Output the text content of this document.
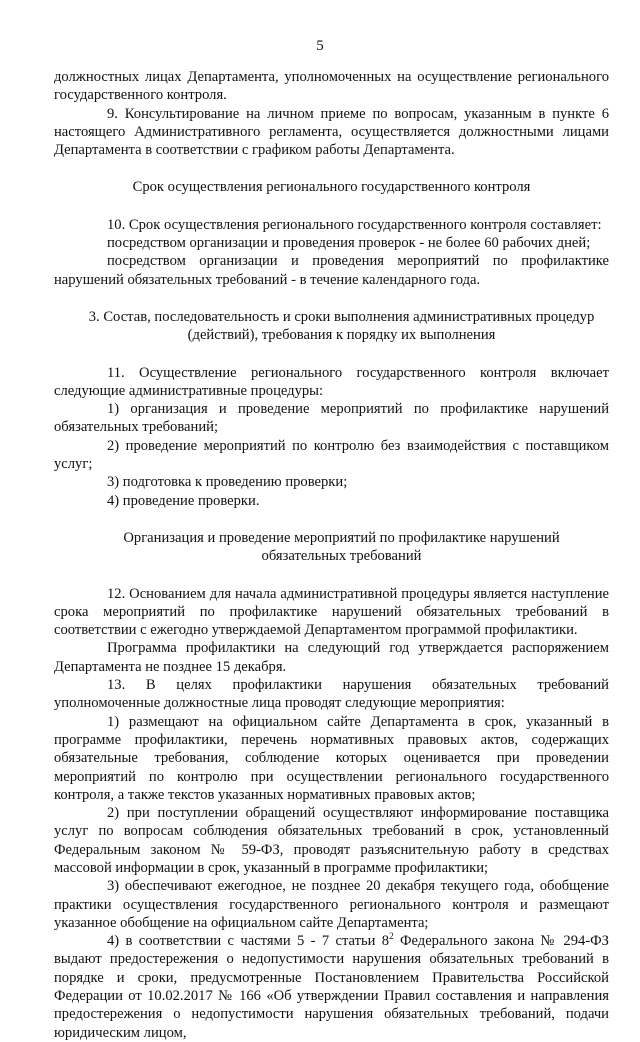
5

должностных лицах Департамента, уполномоченных на осуществление регионального государственного контроля.

9. Консультирование на личном приеме по вопросам, указанным в пункте 6 настоящего Административного регламента, осуществляется должностными лицами Департамента в соответствии с графиком работы Департамента.

Срок осуществления регионального государственного контроля

10. Срок осуществления регионального государственного контроля составляет:

посредством организации и проведения проверок - не более 60 рабочих дней;

посредством организации и проведения мероприятий по профилактике нарушений обязательных требований - в течение календарного года.

3. Состав, последовательность и сроки выполнения административных процедур (действий), требования к порядку их выполнения

11. Осуществление регионального государственного контроля включает следующие административные процедуры:

1) организация и проведение мероприятий по профилактике нарушений обязательных требований;

2) проведение мероприятий по контролю без взаимодействия с поставщиком услуг;

3) подготовка к проведению проверки;

4) проведение проверки.

Организация и проведение мероприятий по профилактике нарушений обязательных требований

12. Основанием для начала административной процедуры является наступление срока мероприятий по профилактике нарушений обязательных требований в соответствии с ежегодно утверждаемой Департаментом программой профилактики.

Программа профилактики на следующий год утверждается распоряжением Департамента не позднее 15 декабря.

13. В целях профилактики нарушения обязательных требований уполномоченные должностные лица проводят следующие мероприятия:

1) размещают на официальном сайте Департамента в срок, указанный в программе профилактики, перечень нормативных правовых актов, содержащих обязательные требования, соблюдение которых оценивается при проведении мероприятий по контролю при осуществлении регионального государственного контроля, а также текстов указанных нормативных правовых актов;

2) при поступлении обращений осуществляют информирование поставщика услуг по вопросам соблюдения обязательных требований в срок, установленный Федеральным законом № 59-ФЗ, проводят разъяснительную работу в средствах массовой информации в срок, указанный в программе профилактики;

3) обеспечивают ежегодное, не позднее 20 декабря текущего года, обобщение практики осуществления государственного регионального контроля и размещают указанное обобщение на официальном сайте Департамента;

4) в соответствии с частями 5 - 7 статьи $8^2$ Федерального закона № 294-ФЗ выдают предостережения о недопустимости нарушения обязательных требований в порядке и сроки, предусмотренные Постановлением Правительства Российской Федерации от 10.02.2017 № 166 «Об утверждении Правил составления и направления предостережения о недопустимости нарушения обязательных требований, подачи юридическим лицом,
